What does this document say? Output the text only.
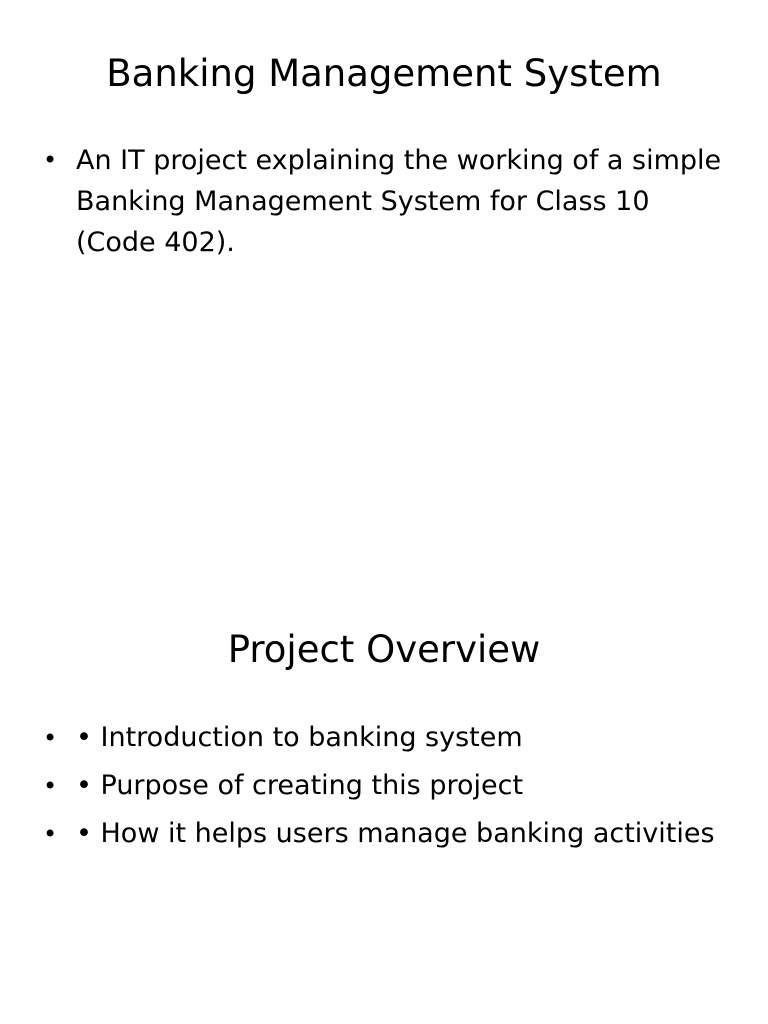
Banking Management System
• An IT project explaining the working of a simple Banking Management System for Class 10 (Code 402).
Project Overview
• • Introduction to banking system
• • Purpose of creating this project
• • How it helps users manage banking activities
